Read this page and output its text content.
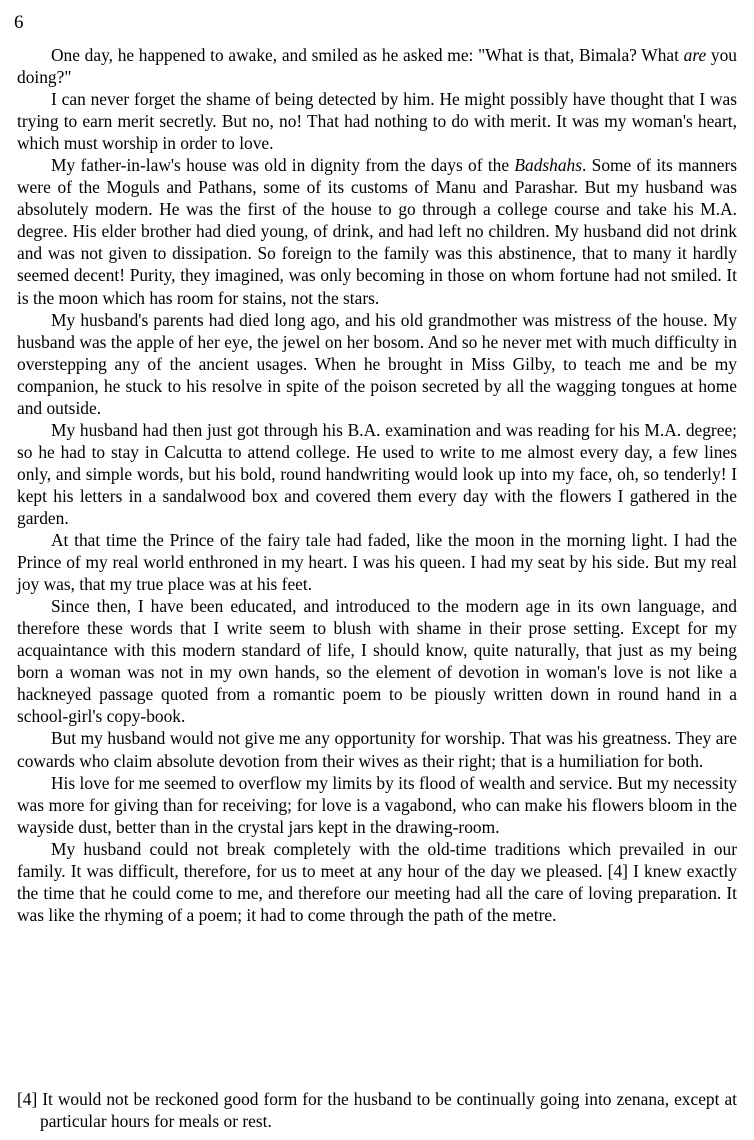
6

One day, he happened to awake, and smiled as he asked me: "What is that, Bimala? What are you doing?"

I can never forget the shame of being detected by him. He might possibly have thought that I was trying to earn merit secretly. But no, no! That had nothing to do with merit. It was my woman's heart, which must worship in order to love.

My father-in-law's house was old in dignity from the days of the Badshahs. Some of its manners were of the Moguls and Pathans, some of its customs of Manu and Parashar. But my husband was absolutely modern. He was the first of the house to go through a college course and take his M.A. degree. His elder brother had died young, of drink, and had left no children. My husband did not drink and was not given to dissipation. So foreign to the family was this abstinence, that to many it hardly seemed decent! Purity, they imagined, was only becoming in those on whom fortune had not smiled. It is the moon which has room for stains, not the stars.

My husband's parents had died long ago, and his old grandmother was mistress of the house. My husband was the apple of her eye, the jewel on her bosom. And so he never met with much difficulty in overstepping any of the ancient usages. When he brought in Miss Gilby, to teach me and be my companion, he stuck to his resolve in spite of the poison secreted by all the wagging tongues at home and outside.

My husband had then just got through his B.A. examination and was reading for his M.A. degree; so he had to stay in Calcutta to attend college. He used to write to me almost every day, a few lines only, and simple words, but his bold, round handwriting would look up into my face, oh, so tenderly! I kept his letters in a sandalwood box and covered them every day with the flowers I gathered in the garden.

At that time the Prince of the fairy tale had faded, like the moon in the morning light. I had the Prince of my real world enthroned in my heart. I was his queen. I had my seat by his side. But my real joy was, that my true place was at his feet.

Since then, I have been educated, and introduced to the modern age in its own language, and therefore these words that I write seem to blush with shame in their prose setting. Except for my acquaintance with this modern standard of life, I should know, quite naturally, that just as my being born a woman was not in my own hands, so the element of devotion in woman's love is not like a hackneyed passage quoted from a romantic poem to be piously written down in round hand in a school-girl's copy-book.

But my husband would not give me any opportunity for worship. That was his greatness. They are cowards who claim absolute devotion from their wives as their right; that is a humiliation for both.

His love for me seemed to overflow my limits by its flood of wealth and service. But my necessity was more for giving than for receiving; for love is a vagabond, who can make his flowers bloom in the wayside dust, better than in the crystal jars kept in the drawing-room.

My husband could not break completely with the old-time traditions which prevailed in our family. It was difficult, therefore, for us to meet at any hour of the day we pleased. [4] I knew exactly the time that he could come to me, and therefore our meeting had all the care of loving preparation. It was like the rhyming of a poem; it had to come through the path of the metre.

[4] It would not be reckoned good form for the husband to be continually going into zenana, except at particular hours for meals or rest.
